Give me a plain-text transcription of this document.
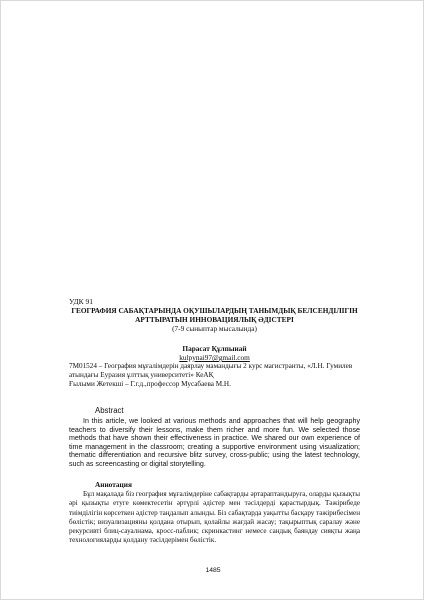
УДК 91
ГЕОГРАФИЯ САБАҚТАРЫНДА ОҚУШЫЛАРДЫҢ ТАНЫМДЫҚ БЕЛСЕНДІЛІГІН АРТТЫРАТЫН ИННОВАЦИЯЛЫҚ ӘДІСТЕРІ
(7-9 сыныптар мысалында)
Парасат Құлпынай
kulpynai97@gmail.com

7M01524 – География мұғалімдерін даярлау мамандығы 2 курс магистранты, «Л.Н. Гумилев атындағы Еуразия ұлттық университеті» КеАҚ

Ғылыми Жетекші – Г.г.д.,профессор Мусабаева М.Н.

Abstract
In this article, we looked at various methods and approaches that will help geography teachers to diversify their lessons, make them richer and more fun. We selected those methods that have shown their effectiveness in practice. We shared our own experience of time management in the classroom; creating a supportive environment using visualization; thematic differentiation and recursive blitz survey, cross-public; using the latest technology, such as screencasting or digital storytelling.
Аннотация
Бұл мақалада біз география мұғалімдеріне сабақтарды әртараптандыруға, оларды қызықты әрі қызықты етуге көмектесетін әртүрлі әдістер мен тәсілдерді қарастырдық. Тәжірибеде тиімділігін көрсеткен әдістер таңдалып алынды. Біз сабақтарда уақытты басқару тәжірибесімен бөлістік; визуализацияны қолдана отырып, қолайлы жағдай жасау; тақырыптық саралау және рекурсивті блиц-сауалнама, кросс-паблик; скринкастинг немесе сандық баяндау сияқты жаңа технологияларды қолдану тәсілдерімен бөлістік.
1485
